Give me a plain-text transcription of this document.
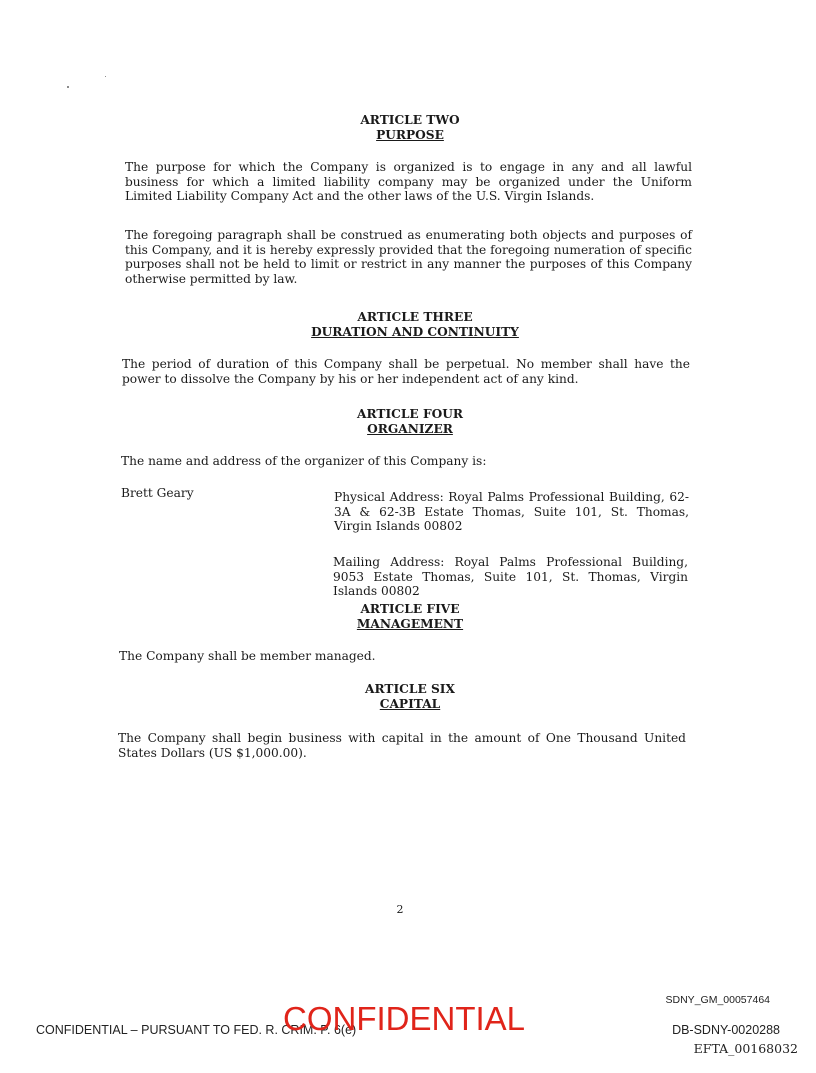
ARTICLE TWO
PURPOSE
The purpose for which the Company is organized is to engage in any and all lawful business for which a limited liability company may be organized under the Uniform Limited Liability Company Act and the other laws of the U.S. Virgin Islands.
The foregoing paragraph shall be construed as enumerating both objects and purposes of this Company, and it is hereby expressly provided that the foregoing numeration of specific purposes shall not be held to limit or restrict in any manner the purposes of this Company otherwise permitted by law.
ARTICLE THREE
DURATION AND CONTINUITY
The period of duration of this Company shall be perpetual. No member shall have the power to dissolve the Company by his or her independent act of any kind.
ARTICLE FOUR
ORGANIZER
The name and address of the organizer of this Company is:
Brett Geary	Physical Address: Royal Palms Professional Building, 62-3A & 62-3B Estate Thomas, Suite 101, St. Thomas, Virgin Islands 00802
Mailing Address: Royal Palms Professional Building, 9053 Estate Thomas, Suite 101, St. Thomas, Virgin Islands 00802
ARTICLE FIVE
MANAGEMENT
The Company shall be member managed.
ARTICLE SIX
CAPITAL
The Company shall begin business with capital in the amount of One Thousand United States Dollars (US $1,000.00).
2
SDNY_GM_00057464
CONFIDENTIAL – PURSUANT TO FED. R. CRIM. P. 6(e)
CONFIDENTIAL	DB-SDNY-0020288
EFTA_00168032
